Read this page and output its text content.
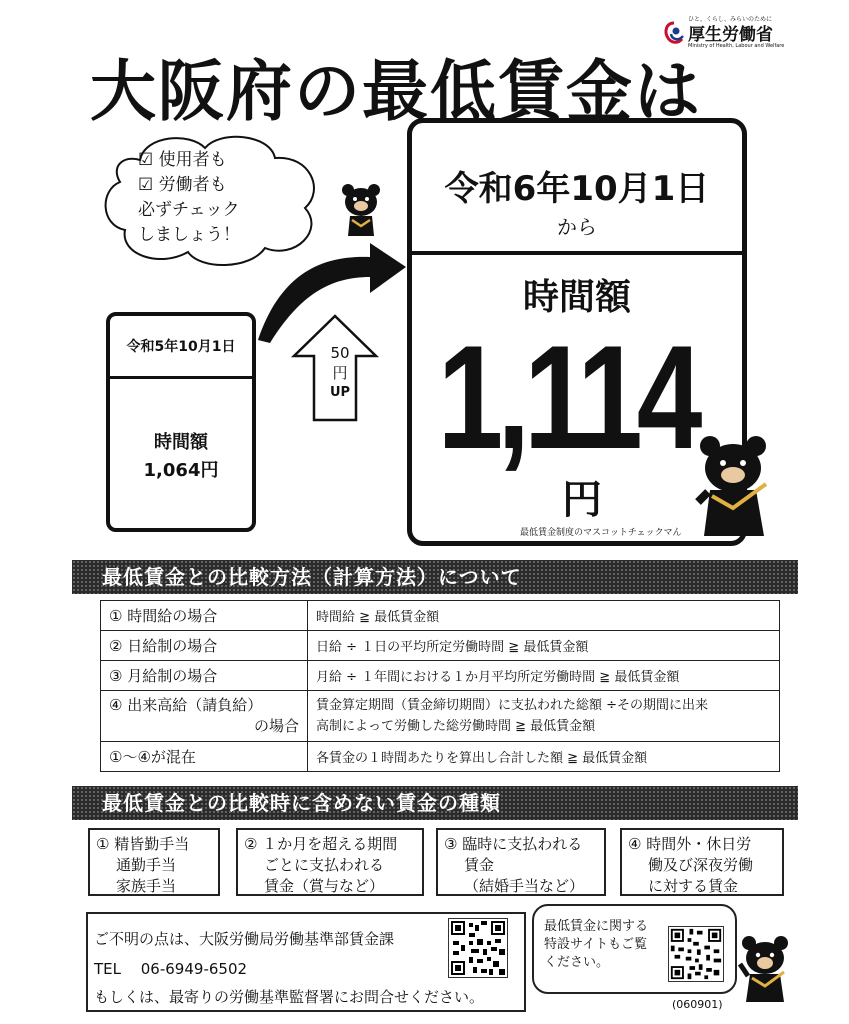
ひと、くらし、みらいのために
厚生労働省
Ministry of Health, Labour and Welfare
大阪府の最低賃金は
☑ 使用者も
☑ 労働者も
必ずチェック
しましょう！
令和5年10月1日
時間額
1,064円
50
円
UP
令和6年10月1日
から
時間額
1,114
円
最低賃金制度のマスコットチェックマん
最低賃金との比較方法（計算方法）について
① 時間給の場合	時間給 ≧ 最低賃金額
② 日給制の場合	日給 ÷ １日の平均所定労働時間 ≧ 最低賃金額
③ 月給制の場合	月給 ÷ １年間における１か月平均所定労働時間 ≧ 最低賃金額
④ 出来高給（請負給）
の場合	賃金算定期間（賃金締切期間）に支払われた総額 ÷その期間に出来
高制によって労働した総労働時間 ≧ 最低賃金額
①～④が混在	各賃金の１時間あたりを算出し合計した額 ≧ 最低賃金額
最低賃金との比較時に含めない賃金の種類
① 精皆勤手当
通勤手当
家族手当
② １か月を超える期間
ごとに支払われる
賃金（賞与など）
③ 臨時に支払われる
賃金
（結婚手当など）
④ 時間外・休日労
働及び深夜労働
に対する賃金
ご不明の点は、大阪労働局労働基準部賃金課
TEL　 06-6949-6502
もしくは、最寄りの労働基準監督署にお問合せください。
最低賃金に関する
特設サイトもご覧
ください。
(060901)
